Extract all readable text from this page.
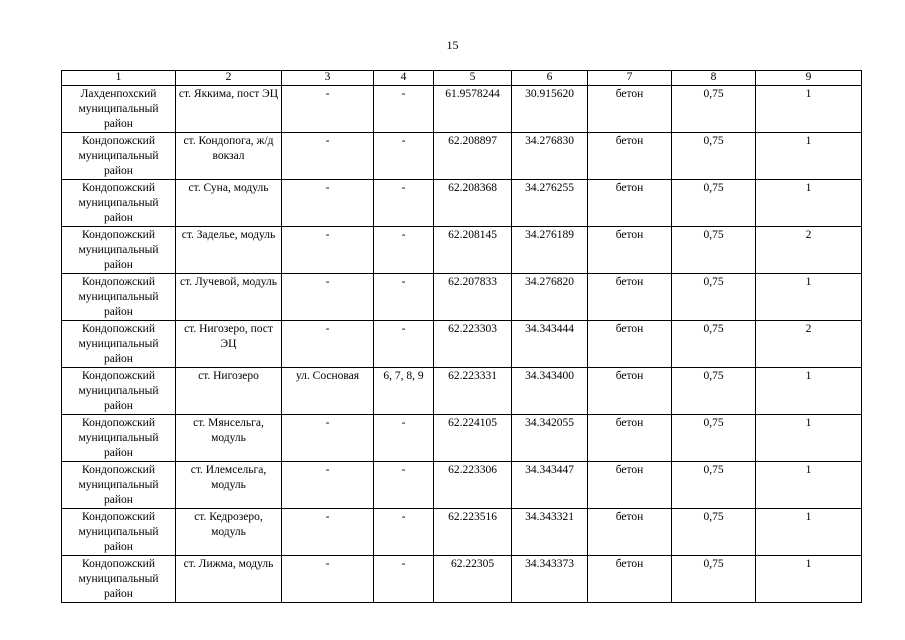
15
1	2	3	4	5	6	7	8	9
Лахденпохский муниципальный район	ст. Яккима, пост ЭЦ	-	-	61.9578244	30.915620	бетон	0,75	1
Кондопожский муниципальный район	ст. Кондопога, ж/д вокзал	-	-	62.208897	34.276830	бетон	0,75	1
Кондопожский муниципальный район	ст. Суна, модуль	-	-	62.208368	34.276255	бетон	0,75	1
Кондопожский муниципальный район	ст. Заделье, модуль	-	-	62.208145	34.276189	бетон	0,75	2
Кондопожский муниципальный район	ст. Лучевой, модуль	-	-	62.207833	34.276820	бетон	0,75	1
Кондопожский муниципальный район	ст. Нигозеро, пост ЭЦ	-	-	62.223303	34.343444	бетон	0,75	2
Кондопожский муниципальный район	ст. Нигозеро	ул. Сосновая	6, 7, 8, 9	62.223331	34.343400	бетон	0,75	1
Кондопожский муниципальный район	ст. Мянсельга, модуль	-	-	62.224105	34.342055	бетон	0,75	1
Кондопожский муниципальный район	ст. Илемсельга, модуль	-	-	62.223306	34.343447	бетон	0,75	1
Кондопожский муниципальный район	ст. Кедрозеро, модуль	-	-	62.223516	34.343321	бетон	0,75	1
Кондопожский муниципальный район	ст. Лижма, модуль	-	-	62.22305	34.343373	бетон	0,75	1
